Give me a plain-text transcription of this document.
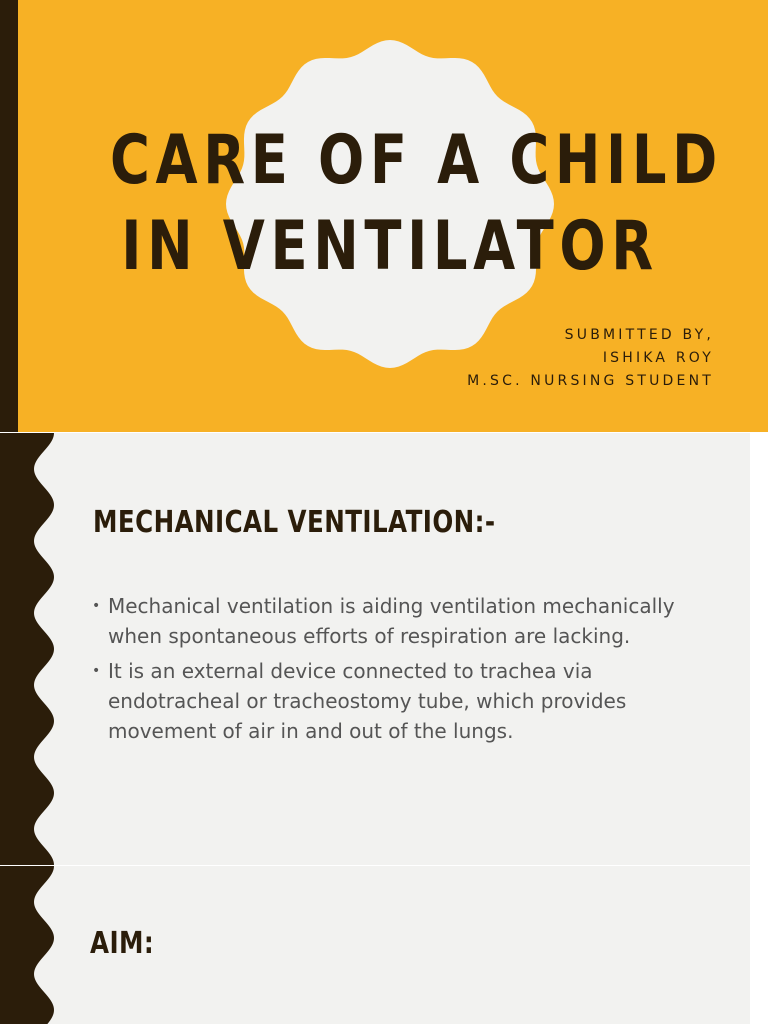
CARE OF A CHILD
IN VENTILATOR
SUBMITTED BY,
ISHIKA ROY
M.SC. NURSING STUDENT
MECHANICAL VENTILATION:-
• Mechanical ventilation is aiding ventilation mechanically when spontaneous efforts of respiration are lacking.
• It is an external device connected to trachea via endotracheal or tracheostomy tube, which provides movement of air in and out of the lungs.
AIM:
